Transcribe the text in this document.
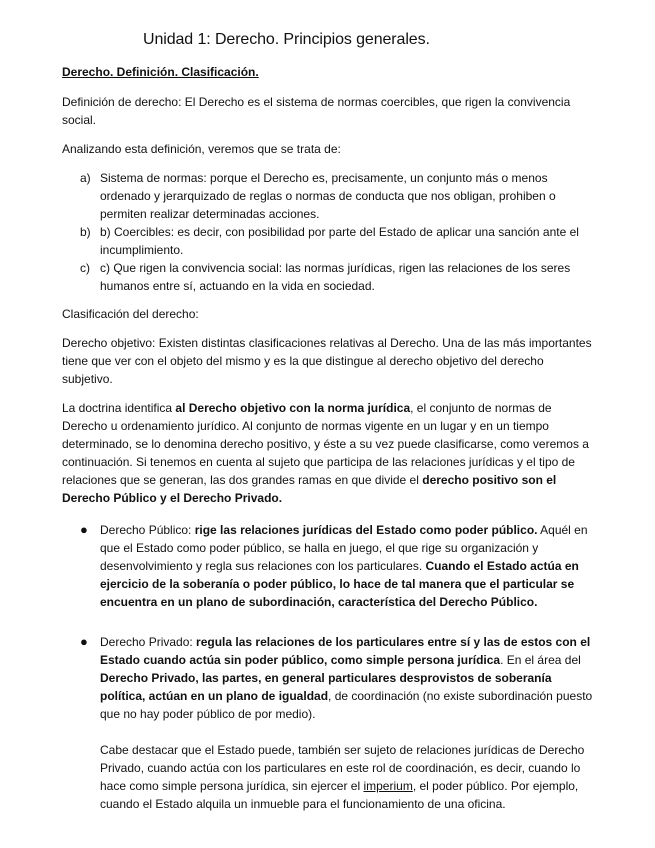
Unidad 1: Derecho. Principios generales.

Derecho. Definición. Clasificación.

Definición de derecho: El Derecho es el sistema de normas coercibles, que rigen la convivencia social.

Analizando esta definición, veremos que se trata de:

a) Sistema de normas: porque el Derecho es, precisamente, un conjunto más o menos ordenado y jerarquizado de reglas o normas de conducta que nos obligan, prohiben o permiten realizar determinadas acciones.
b) b) Coercibles: es decir, con posibilidad por parte del Estado de aplicar una sanción ante el incumplimiento.
c) c) Que rigen la convivencia social: las normas jurídicas, rigen las relaciones de los seres humanos entre sí, actuando en la vida en sociedad.

Clasificación del derecho:

Derecho objetivo: Existen distintas clasificaciones relativas al Derecho. Una de las más importantes tiene que ver con el objeto del mismo y es la que distingue al derecho objetivo del derecho subjetivo.

La doctrina identifica al Derecho objetivo con la norma jurídica, el conjunto de normas de Derecho u ordenamiento jurídico. Al conjunto de normas vigente en un lugar y en un tiempo determinado, se lo denomina derecho positivo, y éste a su vez puede clasificarse, como veremos a continuación. Si tenemos en cuenta al sujeto que participa de las relaciones jurídicas y el tipo de relaciones que se generan, las dos grandes ramas en que divide el derecho positivo son el Derecho Público y el Derecho Privado.

● Derecho Público: rige las relaciones jurídicas del Estado como poder público. Aquél en que el Estado como poder público, se halla en juego, el que rige su organización y desenvolvimiento y regla sus relaciones con los particulares. Cuando el Estado actúa en ejercicio de la soberanía o poder público, lo hace de tal manera que el particular se encuentra en un plano de subordinación, característica del Derecho Público.
● Derecho Privado: regula las relaciones de los particulares entre sí y las de estos con el Estado cuando actúa sin poder público, como simple persona jurídica. En el área del Derecho Privado, las partes, en general particulares desprovistos de soberanía política, actúan en un plano de igualdad, de coordinación (no existe subordinación puesto que no hay poder público de por medio).

Cabe destacar que el Estado puede, también ser sujeto de relaciones jurídicas de Derecho Privado, cuando actúa con los particulares en este rol de coordinación, es decir, cuando lo hace como simple persona jurídica, sin ejercer el imperium, el poder público. Por ejemplo, cuando el Estado alquila un inmueble para el funcionamiento de una oficina.
